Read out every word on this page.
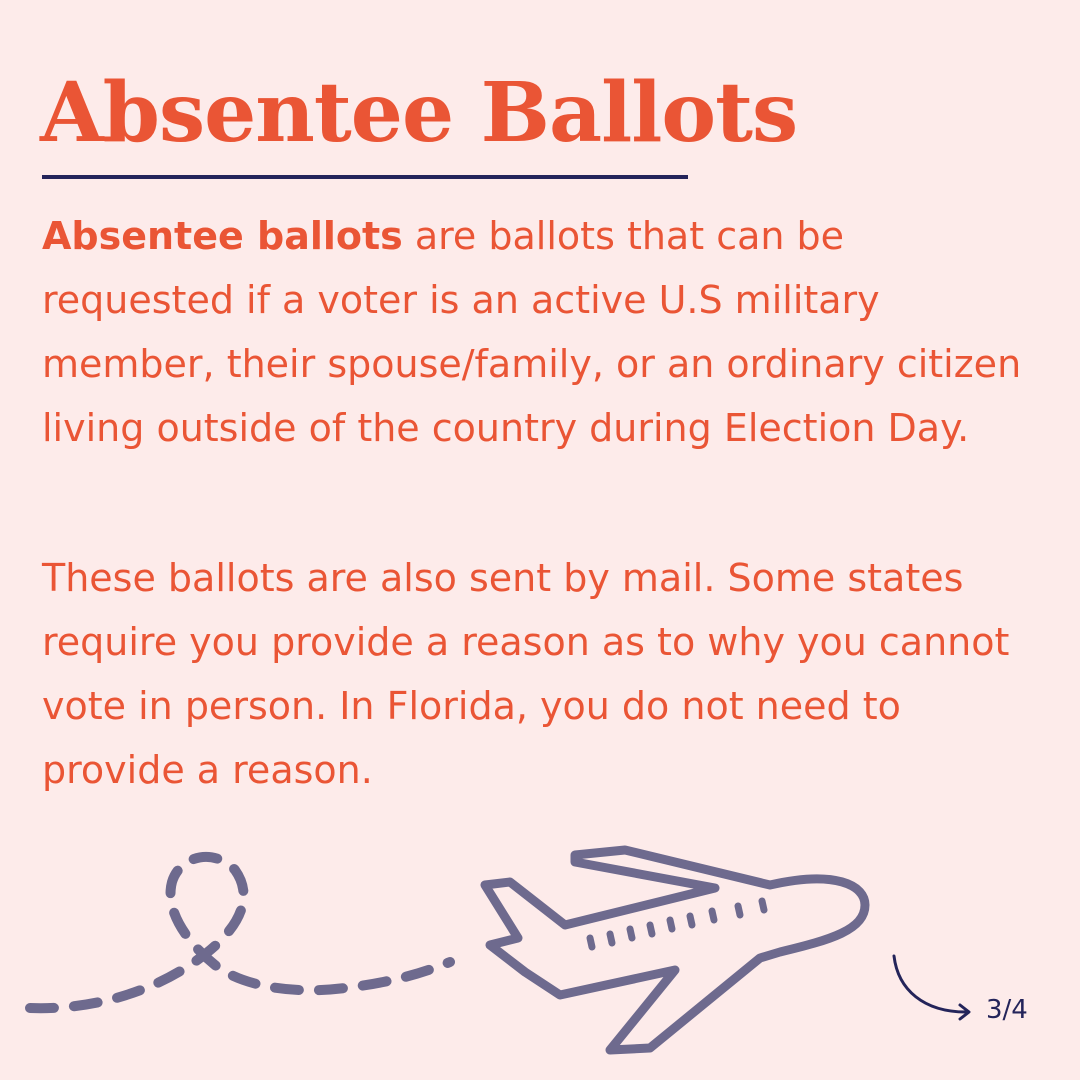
Absentee Ballots

Absentee ballots are ballots that can be requested if a voter is an active U.S military member, their spouse/family, or an ordinary citizen living outside of the country during Election Day.

These ballots are also sent by mail. Some states require you provide a reason as to why you cannot vote in person. In Florida, you do not need to provide a reason.

3/4
